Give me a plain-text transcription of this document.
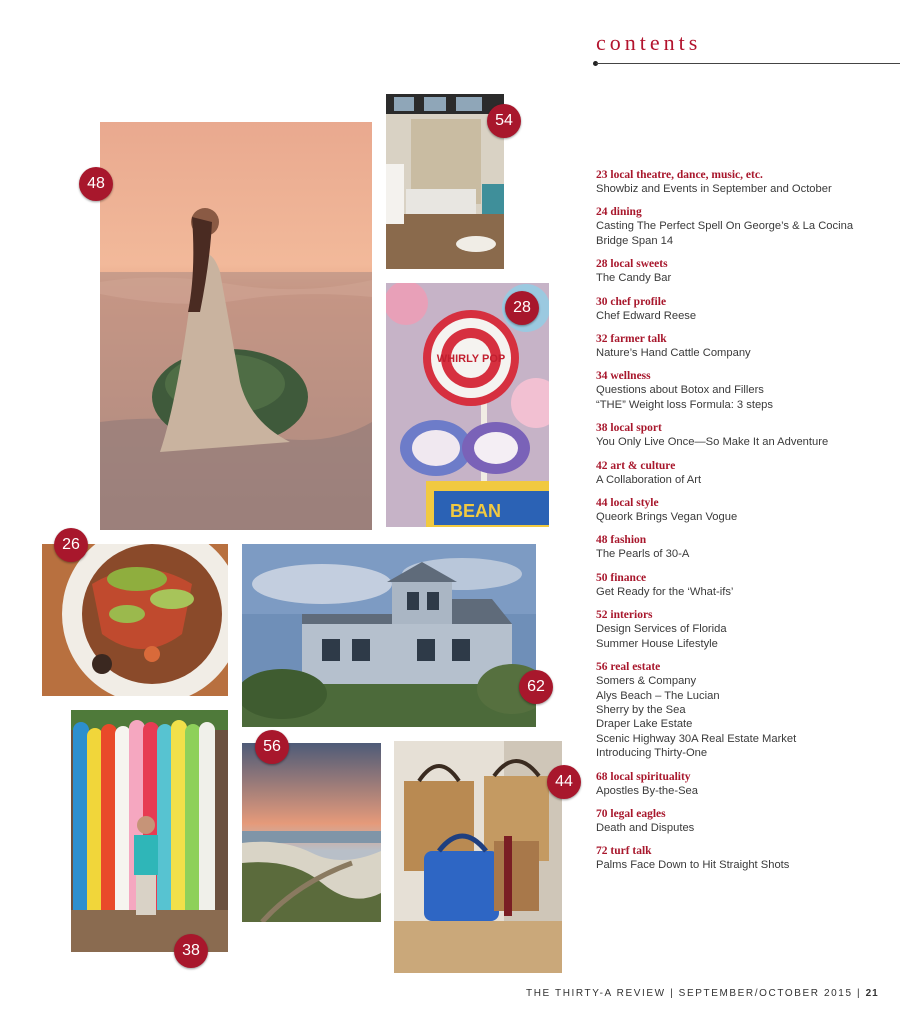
contents
WHIRLY POP
BEAN
48
54
28
26
62
38
56
44
23 local theatre, dance, music, etc.
Showbiz and Events in September and October
24 dining
Casting The Perfect Spell On George’s & La Cocina
Bridge Span 14
28 local sweets
The Candy Bar
30 chef profile
Chef Edward Reese
32 farmer talk
Nature’s Hand Cattle Company
34 wellness
Questions about Botox and Fillers
“THE” Weight loss Formula: 3 steps
38 local sport
You Only Live Once—So Make It an Adventure
42 art & culture
A Collaboration of Art
44 local style
Queork Brings Vegan Vogue
48 fashion
The Pearls of 30-A
50 finance
Get Ready for the ‘What-ifs’
52 interiors
Design Services of Florida
Summer House Lifestyle
56 real estate
Somers & Company
Alys Beach – The Lucian
Sherry by the Sea
Draper Lake Estate
Scenic Highway 30A Real Estate Market
Introducing Thirty-One
68 local spirituality
Apostles By-the-Sea
70 legal eagles
Death and Disputes
72 turf talk
Palms Face Down to Hit Straight Shots
THE THIRTY-A REVIEW | SEPTEMBER/OCTOBER 2015 | 21
